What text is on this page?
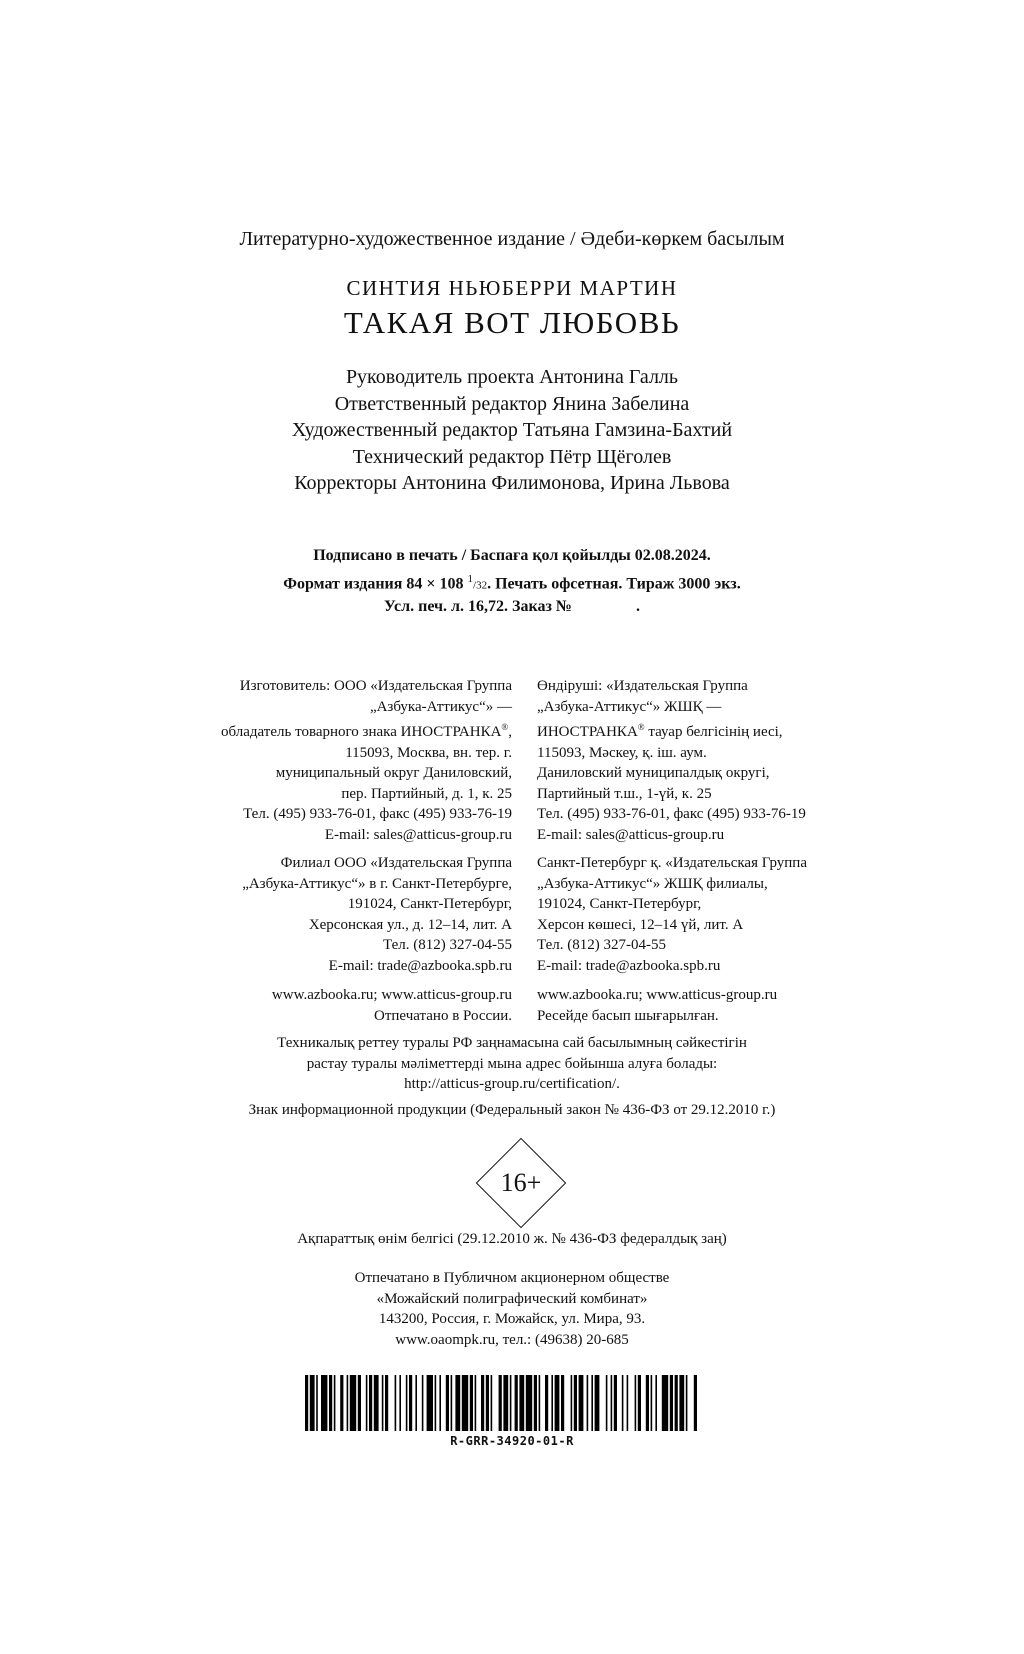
Литературно-художественное издание / Әдеби-көркем басылым
СИНТИЯ НЬЮБЕРРИ МАРТИН
ТАКАЯ ВОТ ЛЮБОВЬ
Руководитель проекта Антонина Галль
Ответственный редактор Янина Забелина
Художественный редактор Татьяна Гамзина-Бахтий
Технический редактор Пётр Щёголев
Корректоры Антонина Филимонова, Ирина Львова
Подписано в печать / Баспаға қол қойылды 02.08.2024.
Формат издания 84 × 108 $^1$/32. Печать офсетная. Тираж 3000 экз.
Усл. печ. л. 16,72. Заказ №                .
Изготовитель: ООО «Издательская Группа
„Азбука-Аттикус“» —
обладатель товарного знака ИНОСТРАНКА®,
115093, Москва, вн. тер. г.
муниципальный округ Даниловский,
пер. Партийный, д. 1, к. 25
Тел. (495) 933-76-01, факс (495) 933-76-19
E-mail: sales@atticus-group.ru
Филиал ООО «Издательская Группа
„Азбука-Аттикус“» в г. Санкт-Петербурге,
191024, Санкт-Петербург,
Херсонская ул., д. 12–14, лит. А
Тел. (812) 327-04-55
E-mail: trade@azbooka.spb.ru
www.azbooka.ru; www.atticus-group.ru
Отпечатано в России.
Өндіруші: «Издательская Группа
„Азбука-Аттикус“» ЖШҚ —
ИНОСТРАНКА® тауар белгісінің иесі,
115093, Мәскеу, қ. іш. аум.
Даниловский муниципалдық округі,
Партийный т.ш., 1-үй, к. 25
Тел. (495) 933-76-01, факс (495) 933-76-19
E-mail: sales@atticus-group.ru
Санкт-Петербург қ. «Издательская Группа
„Азбука-Аттикус“» ЖШҚ филиалы,
191024, Санкт-Петербург,
Херсон көшесі, 12–14 үй, лит. А
Тел. (812) 327-04-55
E-mail: trade@azbooka.spb.ru
www.azbooka.ru; www.atticus-group.ru
Ресейде басып шығарылған.
Техникалық реттеу туралы РФ заңнамасына сай басылымның сәйкестігін
растау туралы мәліметтерді мына адрес бойынша алуға болады:
http://atticus-group.ru/certification/.
Знак информационной продукции (Федеральный закон № 436-ФЗ от 29.12.2010 г.)
16+
Ақпараттық өнім белгісі (29.12.2010 ж. № 436-ФЗ федералдық заң)
Отпечатано в Публичном акционерном обществе
«Можайский полиграфический комбинат»
143200, Россия, г. Можайск, ул. Мира, 93.
www.oaompk.ru, тел.: (49638) 20-685
R-GRR-34920-01-R
